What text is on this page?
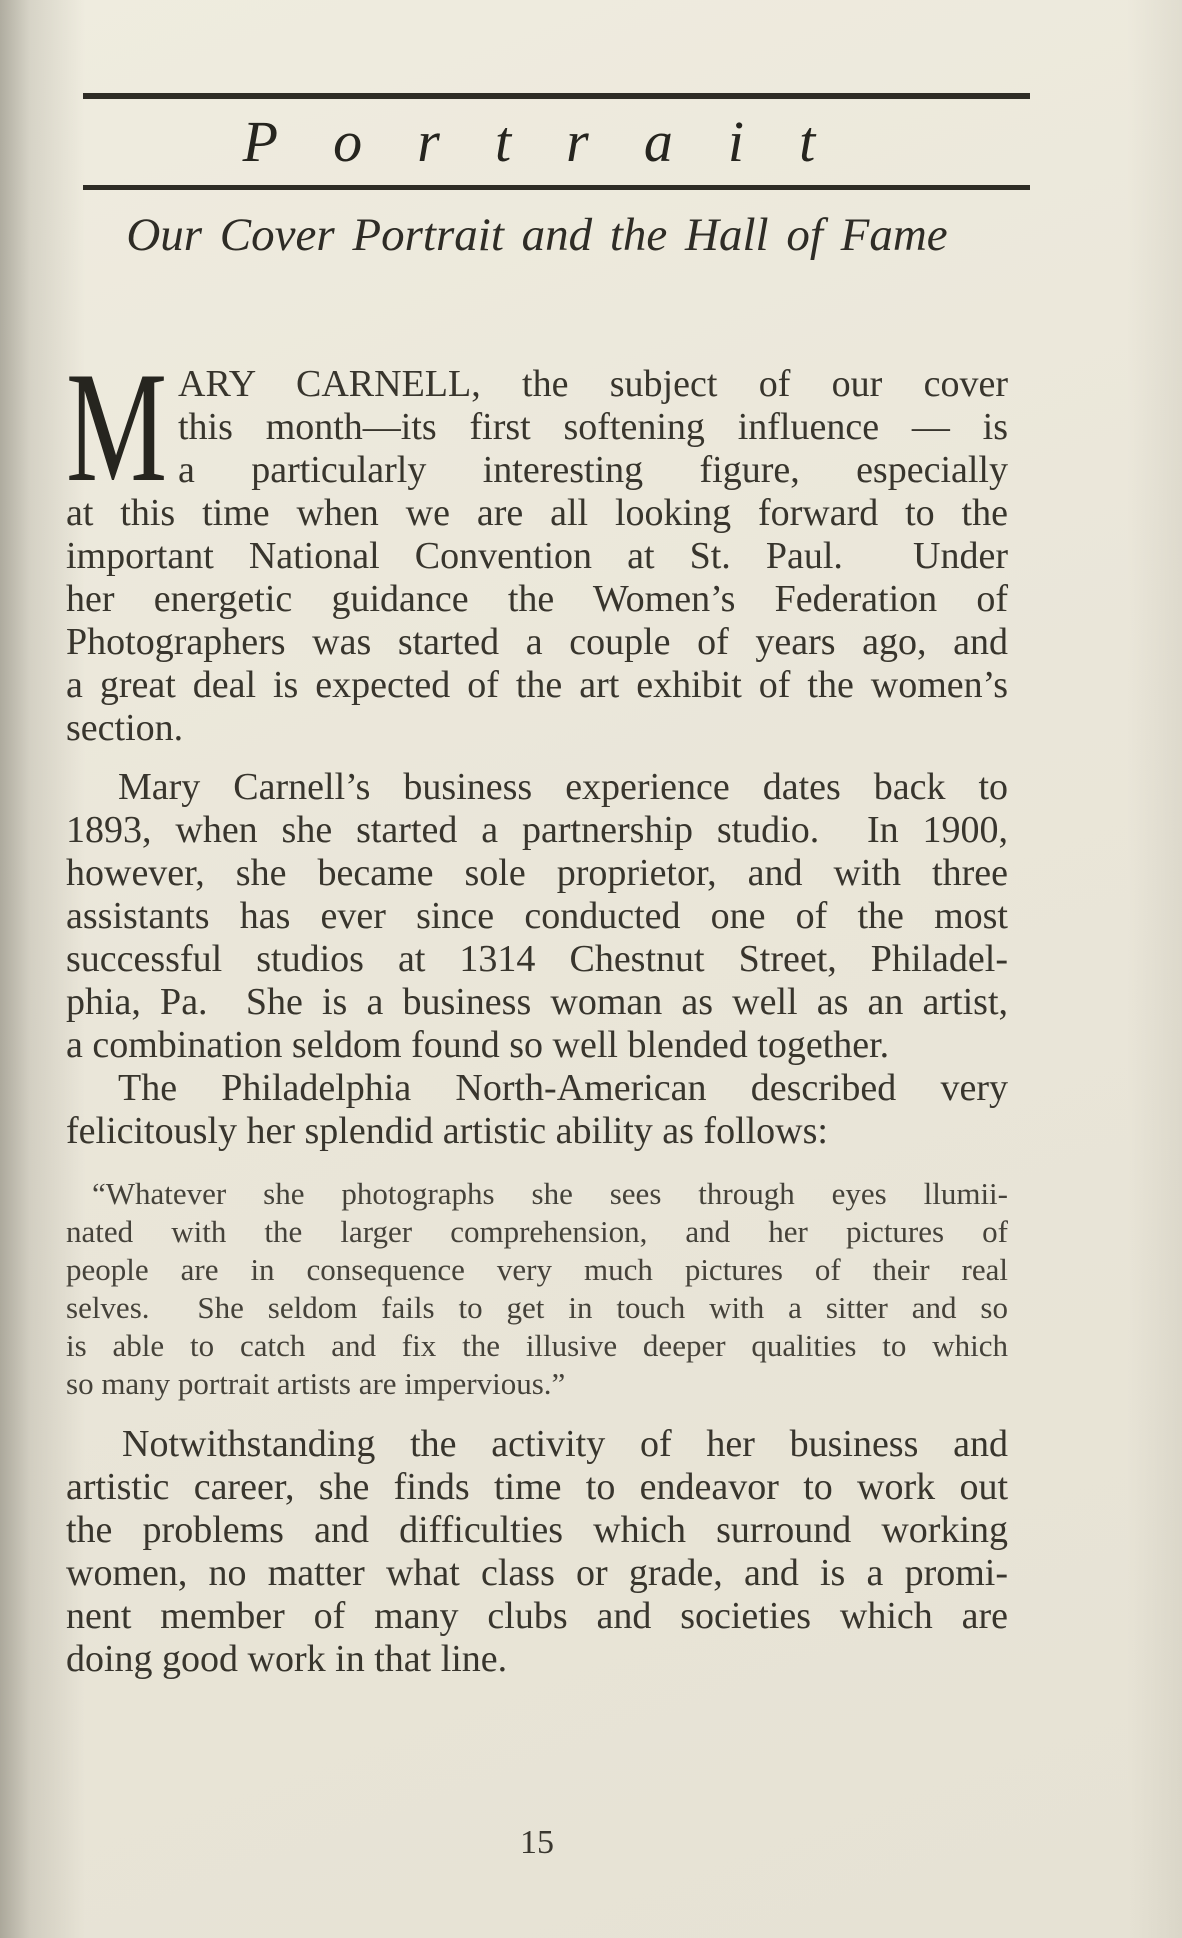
Portrait
Our Cover Portrait and the Hall of Fame
M ARY CARNELL, the subject of our cover
this month—its first softening influence — is
a particularly interesting figure, especially
at this time when we are all looking forward to the
important National Convention at St. Paul.  Under
her energetic guidance the Women’s Federation of
Photographers was started a couple of years ago, and
a great deal is expected of the art exhibit of the women’s
section.
Mary Carnell’s business experience dates back to
1893, when she started a partnership studio.  In 1900,
however, she became sole proprietor, and with three
assistants has ever since conducted one of the most
successful studios at 1314 Chestnut Street, Philadel-
phia, Pa.  She is a business woman as well as an artist,
a combination seldom found so well blended together.
The Philadelphia North-American described very
felicitously her splendid artistic ability as follows:
“Whatever she photographs she sees through eyes llumii-
nated with the larger comprehension, and her pictures of
people are in consequence very much pictures of their real
selves.  She seldom fails to get in touch with a sitter and so
is able to catch and fix the illusive deeper qualities to which
so many portrait artists are impervious.”
Notwithstanding the activity of her business and
artistic career, she finds time to endeavor to work out
the problems and difficulties which surround working
women, no matter what class or grade, and is a promi-
nent member of many clubs and societies which are
doing good work in that line.
15
